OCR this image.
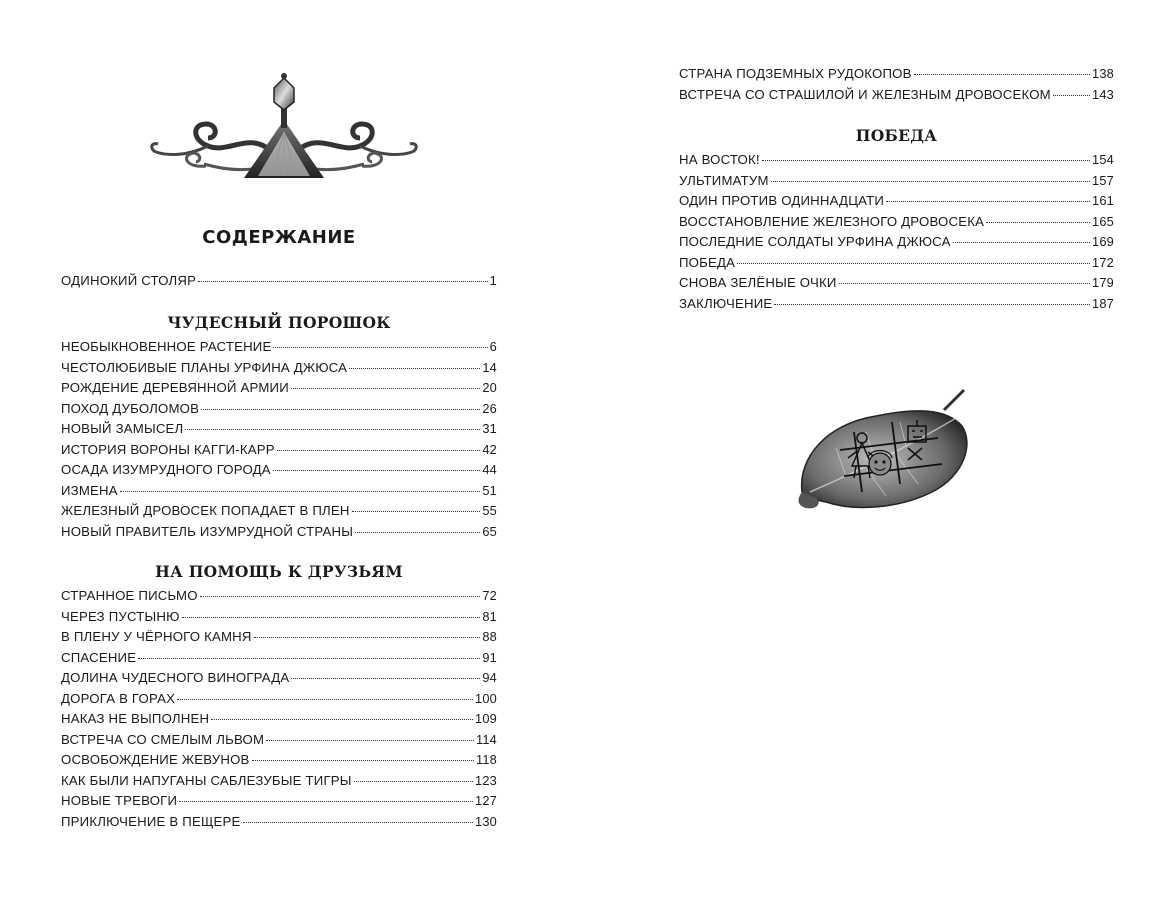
СОДЕРЖАНИЕ
ОДИНОКИЙ СТОЛЯР	1
ЧУДЕСНЫЙ ПОРОШОК
НЕОБЫКНОВЕННОЕ РАСТЕНИЕ	6
ЧЕСТОЛЮБИВЫЕ ПЛАНЫ УРФИНА ДЖЮСА	14
РОЖДЕНИЕ ДЕРЕВЯННОЙ АРМИИ	20
ПОХОД ДУБОЛОМОВ	26
НОВЫЙ ЗАМЫСЕЛ	31
ИСТОРИЯ ВОРОНЫ КАГГИ-КАРР	42
ОСАДА ИЗУМРУДНОГО ГОРОДА	44
ИЗМЕНА	51
ЖЕЛЕЗНЫЙ ДРОВОСЕК ПОПАДАЕТ В ПЛЕН	55
НОВЫЙ ПРАВИТЕЛЬ ИЗУМРУДНОЙ СТРАНЫ	65
НА ПОМОЩЬ К ДРУЗЬЯМ
СТРАННОЕ ПИСЬМО	72
ЧЕРЕЗ ПУСТЫНЮ	81
В ПЛЕНУ У ЧЁРНОГО КАМНЯ	88
СПАСЕНИЕ	91
ДОЛИНА ЧУДЕСНОГО ВИНОГРАДА	94
ДОРОГА В ГОРАХ	100
НАКАЗ НЕ ВЫПОЛНЕН	109
ВСТРЕЧА СО СМЕЛЫМ ЛЬВОМ	114
ОСВОБОЖДЕНИЕ ЖЕВУНОВ	118
КАК БЫЛИ НАПУГАНЫ САБЛЕЗУБЫЕ ТИГРЫ	123
НОВЫЕ ТРЕВОГИ	127
ПРИКЛЮЧЕНИЕ В ПЕЩЕРЕ	130
СТРАНА ПОДЗЕМНЫХ РУДОКОПОВ	138
ВСТРЕЧА СО СТРАШИЛОЙ И ЖЕЛЕЗНЫМ ДРОВОСЕКОМ	143
ПОБЕДА
НА ВОСТОК!	154
УЛЬТИМАТУМ	157
ОДИН ПРОТИВ ОДИННАДЦАТИ	161
ВОССТАНОВЛЕНИЕ ЖЕЛЕЗНОГО ДРОВОСЕКА	165
ПОСЛЕДНИЕ СОЛДАТЫ УРФИНА ДЖЮСА	169
ПОБЕДА	172
СНОВА ЗЕЛЁНЫЕ ОЧКИ	179
ЗАКЛЮЧЕНИЕ	187
